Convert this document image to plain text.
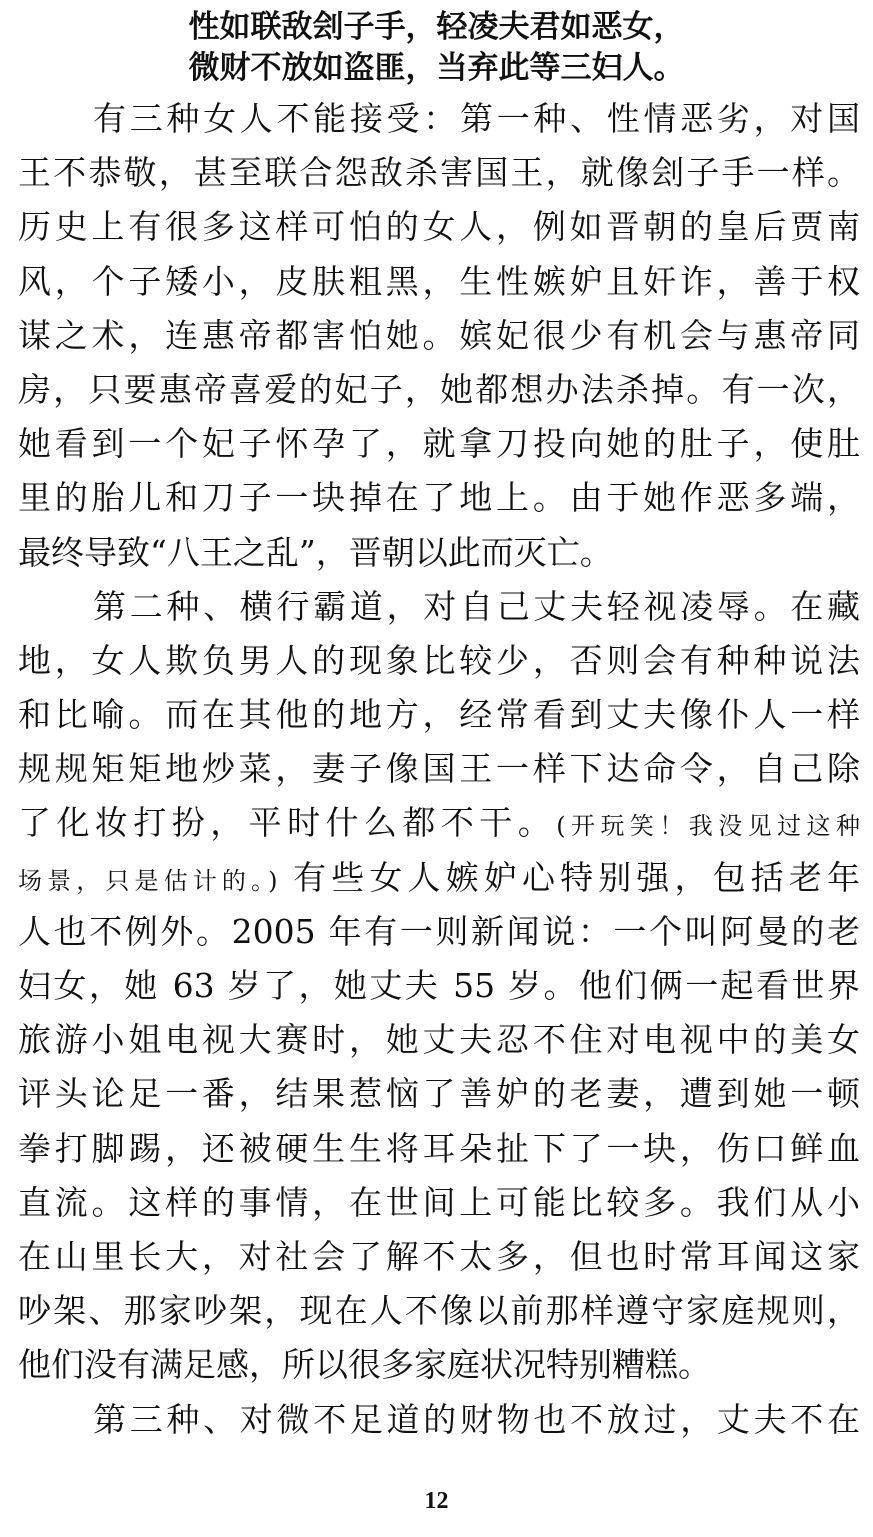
性如联敌刽子手，轻凌夫君如恶女，
微财不放如盗匪，当弃此等三妇人。
有三种女人不能接受：第一种、性情恶劣，对国
王不恭敬，甚至联合怨敌杀害国王，就像刽子手一样。
历史上有很多这样可怕的女人，例如晋朝的皇后贾南
风，个子矮小，皮肤粗黑，生性嫉妒且奸诈，善于权
谋之术，连惠帝都害怕她。嫔妃很少有机会与惠帝同
房，只要惠帝喜爱的妃子，她都想办法杀掉。有一次，
她看到一个妃子怀孕了，就拿刀投向她的肚子，使肚
里的胎儿和刀子一块掉在了地上。由于她作恶多端，
最终导致“八王之乱”，晋朝以此而灭亡。
第二种、横行霸道，对自己丈夫轻视凌辱。在藏
地，女人欺负男人的现象比较少，否则会有种种说法
和比喻。而在其他的地方，经常看到丈夫像仆人一样
规规矩矩地炒菜，妻子像国王一样下达命令，自己除
了化妆打扮，平时什么都不干。(开玩笑！我没见过这种
场景，只是估计的。) 有些女人嫉妒心特别强，包括老年
人也不例外。2005 年有一则新闻说：一个叫阿曼的老
妇女，她 63 岁了，她丈夫 55 岁。他们俩一起看世界
旅游小姐电视大赛时，她丈夫忍不住对电视中的美女
评头论足一番，结果惹恼了善妒的老妻，遭到她一顿
拳打脚踢，还被硬生生将耳朵扯下了一块，伤口鲜血
直流。这样的事情，在世间上可能比较多。我们从小
在山里长大，对社会了解不太多，但也时常耳闻这家
吵架、那家吵架，现在人不像以前那样遵守家庭规则，
他们没有满足感，所以很多家庭状况特别糟糕。
第三种、对微不足道的财物也不放过，丈夫不在
12
